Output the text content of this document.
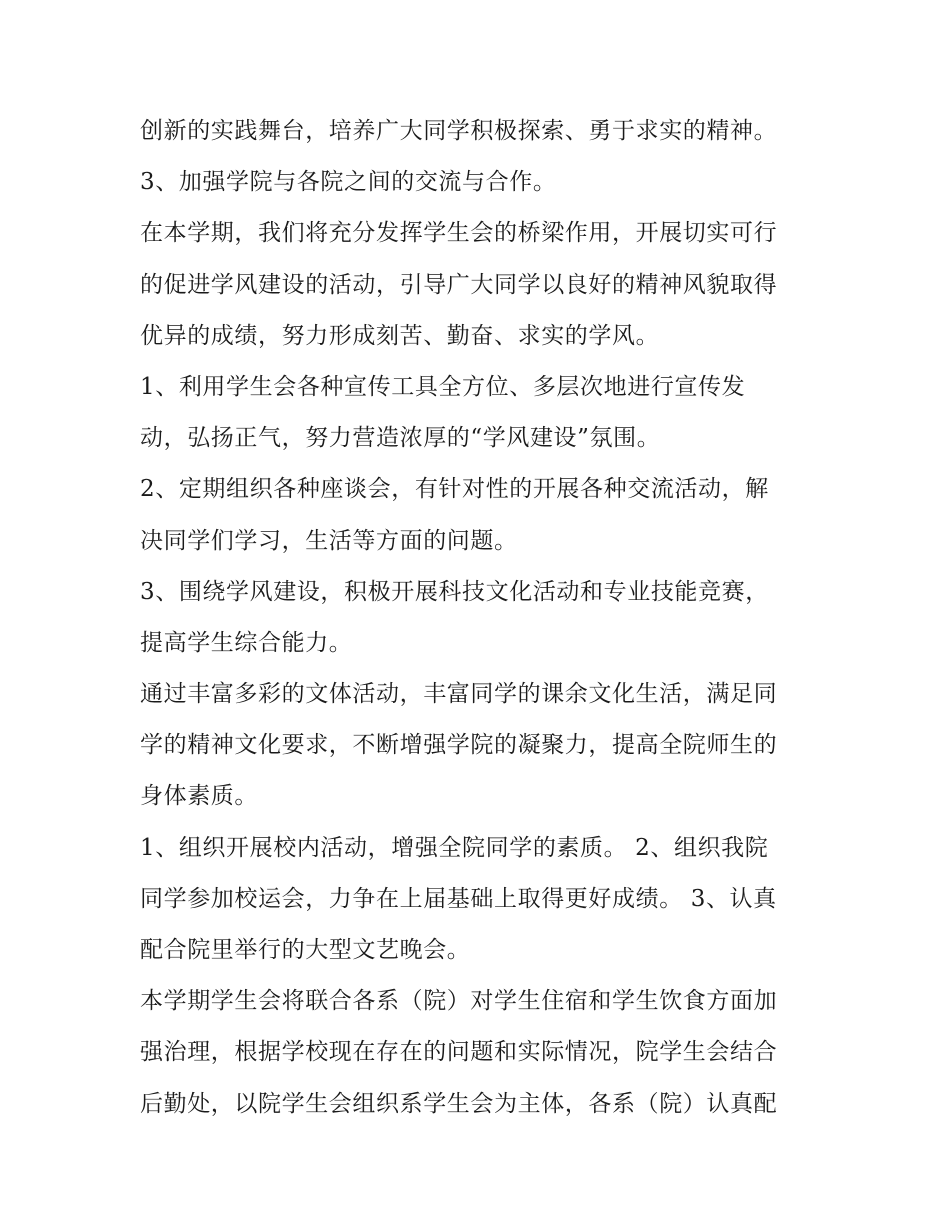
创新的实践舞台，培养广大同学积极探索、勇于求实的精神。
3、加强学院与各院之间的交流与合作。
在本学期，我们将充分发挥学生会的桥梁作用，开展切实可行
的促进学风建设的活动，引导广大同学以良好的精神风貌取得
优异的成绩，努力形成刻苦、勤奋、求实的学风。
1、利用学生会各种宣传工具全方位、多层次地进行宣传发
动，弘扬正气，努力营造浓厚的“学风建设”氛围。
2、定期组织各种座谈会，有针对性的开展各种交流活动，解
决同学们学习，生活等方面的问题。
3、围绕学风建设，积极开展科技文化活动和专业技能竞赛，
提高学生综合能力。
通过丰富多彩的文体活动，丰富同学的课余文化生活，满足同
学的精神文化要求，不断增强学院的凝聚力，提高全院师生的
身体素质。
1、组织开展校内活动，增强全院同学的素质。 2、组织我院
同学参加校运会，力争在上届基础上取得更好成绩。 3、认真
配合院里举行的大型文艺晚会。
本学期学生会将联合各系（院）对学生住宿和学生饮食方面加
强治理，根据学校现在存在的问题和实际情况，院学生会结合
后勤处，以院学生会组织系学生会为主体，各系（院）认真配
